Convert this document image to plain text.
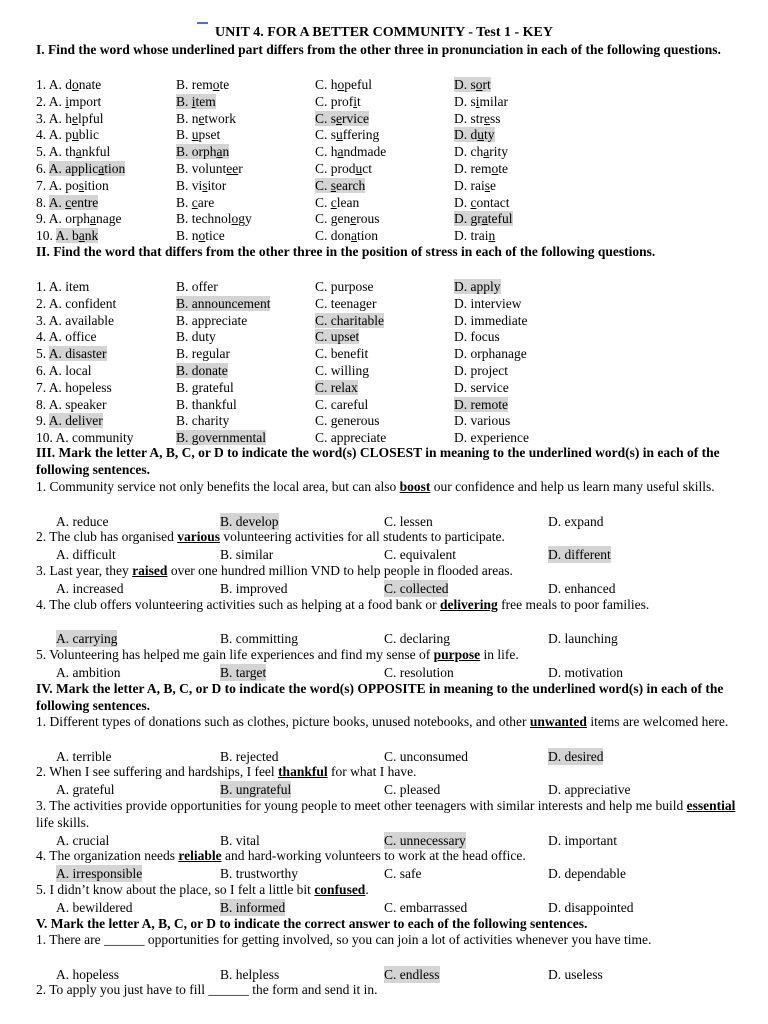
UNIT 4. FOR A BETTER COMMUNITY - Test 1 - KEY
I. Find the word whose underlined part differs from the other three in pronunciation in each of the following questions.
1. A. donate	B. remote	C. hopeful	D. sort
2. A. import	B. item	C. profit	D. similar
3. A. helpful	B. network	C. service	D. stress
4. A. public	B. upset	C. suffering	D. duty
5. A. thankful	B. orphan	C. handmade	D. charity
6. A. application	B. volunteer	C. product	D. remote
7. A. position	B. visitor	C. search	D. raise
8. A. centre	B. care	C. clean	D. contact
9. A. orphanage	B. technology	C. generous	D. grateful
10. A. bank	B. notice	C. donation	D. train
II. Find the word that differs from the other three in the position of stress in each of the following questions.
1. A. item	B. offer	C. purpose	D. apply
2. A. confident	B. announcement	C. teenager	D. interview
3. A. available	B. appreciate	C. charitable	D. immediate
4. A. office	B. duty	C. upset	D. focus
5. A. disaster	B. regular	C. benefit	D. orphanage
6. A. local	B. donate	C. willing	D. project
7. A. hopeless	B. grateful	C. relax	D. service
8. A. speaker	B. thankful	C. careful	D. remote
9. A. deliver	B. charity	C. generous	D. various
10. A. community	B. governmental	C. appreciate	D. experience
III. Mark the letter A, B, C, or D to indicate the word(s) CLOSEST in meaning to the underlined word(s) in each of the following sentences.
1. Community service not only benefits the local area, but can also boost our confidence and help us learn many useful skills.
A. reduce	B. develop	C. lessen	D. expand
2. The club has organised various volunteering activities for all students to participate.
A. difficult	B. similar	C. equivalent	D. different
3. Last year, they raised over one hundred million VND to help people in flooded areas.
A. increased	B. improved	C. collected	D. enhanced
4. The club offers volunteering activities such as helping at a food bank or delivering free meals to poor families.
A. carrying	B. committing	C. declaring	D. launching
5. Volunteering has helped me gain life experiences and find my sense of purpose in life.
A. ambition	B. target	C. resolution	D. motivation
IV. Mark the letter A, B, C, or D to indicate the word(s) OPPOSITE in meaning to the underlined word(s) in each of the following sentences.
1. Different types of donations such as clothes, picture books, unused notebooks, and other unwanted items are welcomed here.
A. terrible	B. rejected	C. unconsumed	D. desired
2. When I see suffering and hardships, I feel thankful for what I have.
A. grateful	B. ungrateful	C. pleased	D. appreciative
3. The activities provide opportunities for young people to meet other teenagers with similar interests and help me build essential life skills.
A. crucial	B. vital	C. unnecessary	D. important
4. The organization needs reliable and hard-working volunteers to work at the head office.
A. irresponsible	B. trustworthy	C. safe	D. dependable
5. I didn’t know about the place, so I felt a little bit confused.
A. bewildered	B. informed	C. embarrassed	D. disappointed
V. Mark the letter A, B, C, or D to indicate the correct answer to each of the following sentences.
1. There are ______ opportunities for getting involved, so you can join a lot of activities whenever you have time.
A. hopeless	B. helpless	C. endless	D. useless
2. To apply you just have to fill ______ the form and send it in.
